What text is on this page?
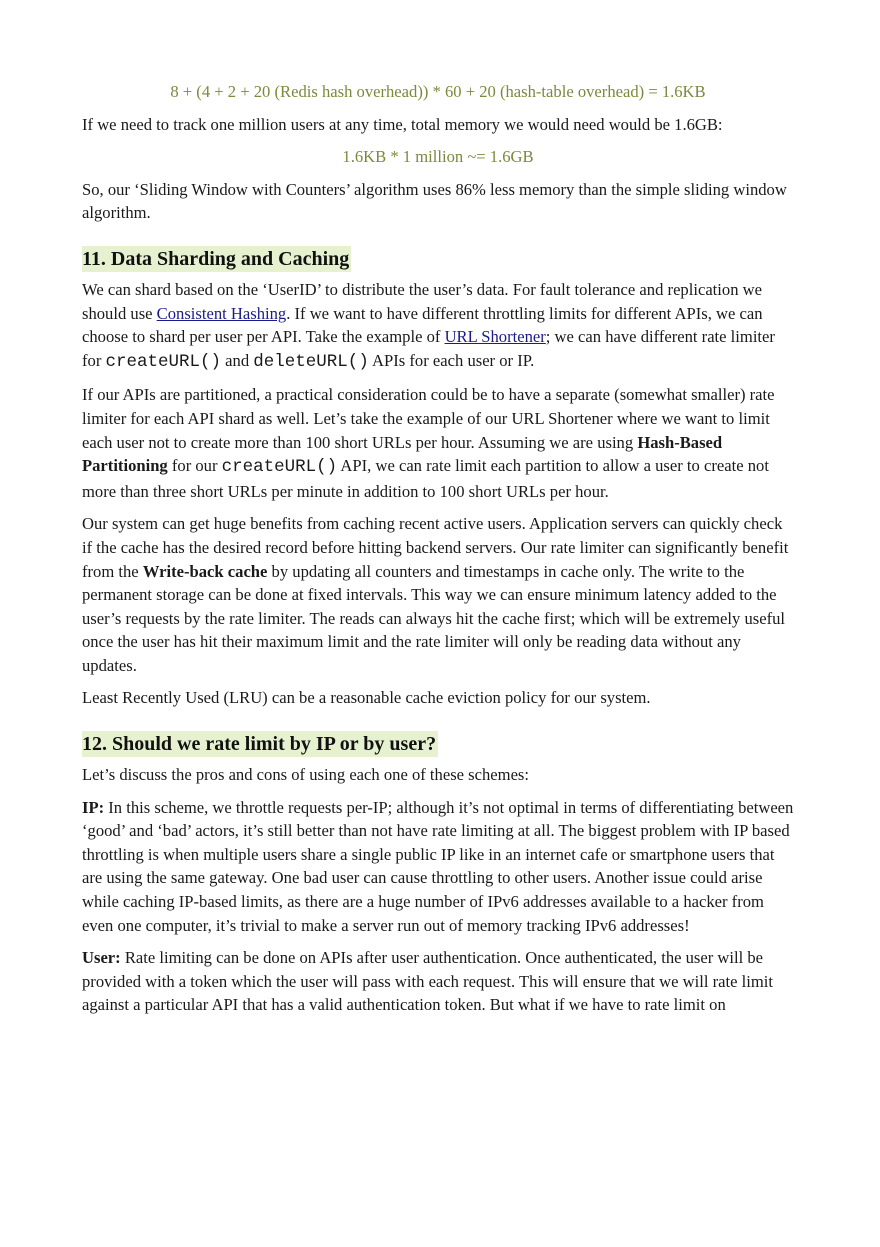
8 + (4 + 2 + 20 (Redis hash overhead)) * 60 + 20 (hash-table overhead) = 1.6KB

If we need to track one million users at any time, total memory we would need would be 1.6GB:

1.6KB * 1 million ~= 1.6GB

So, our ‘Sliding Window with Counters’ algorithm uses 86% less memory than the simple sliding window algorithm.

11. Data Sharding and Caching

We can shard based on the ‘UserID’ to distribute the user’s data. For fault tolerance and replication we should use Consistent Hashing. If we want to have different throttling limits for different APIs, we can choose to shard per user per API. Take the example of URL Shortener; we can have different rate limiter for createURL() and deleteURL() APIs for each user or IP.

If our APIs are partitioned, a practical consideration could be to have a separate (somewhat smaller) rate limiter for each API shard as well. Let’s take the example of our URL Shortener where we want to limit each user not to create more than 100 short URLs per hour. Assuming we are using Hash-Based Partitioning for our createURL() API, we can rate limit each partition to allow a user to create not more than three short URLs per minute in addition to 100 short URLs per hour.

Our system can get huge benefits from caching recent active users. Application servers can quickly check if the cache has the desired record before hitting backend servers. Our rate limiter can significantly benefit from the Write-back cache by updating all counters and timestamps in cache only. The write to the permanent storage can be done at fixed intervals. This way we can ensure minimum latency added to the user’s requests by the rate limiter. The reads can always hit the cache first; which will be extremely useful once the user has hit their maximum limit and the rate limiter will only be reading data without any updates.

Least Recently Used (LRU) can be a reasonable cache eviction policy for our system.

12. Should we rate limit by IP or by user?

Let’s discuss the pros and cons of using each one of these schemes:

IP: In this scheme, we throttle requests per-IP; although it’s not optimal in terms of differentiating between ‘good’ and ‘bad’ actors, it’s still better than not have rate limiting at all. The biggest problem with IP based throttling is when multiple users share a single public IP like in an internet cafe or smartphone users that are using the same gateway. One bad user can cause throttling to other users. Another issue could arise while caching IP-based limits, as there are a huge number of IPv6 addresses available to a hacker from even one computer, it’s trivial to make a server run out of memory tracking IPv6 addresses!

User: Rate limiting can be done on APIs after user authentication. Once authenticated, the user will be provided with a token which the user will pass with each request. This will ensure that we will rate limit against a particular API that has a valid authentication token. But what if we have to rate limit on
